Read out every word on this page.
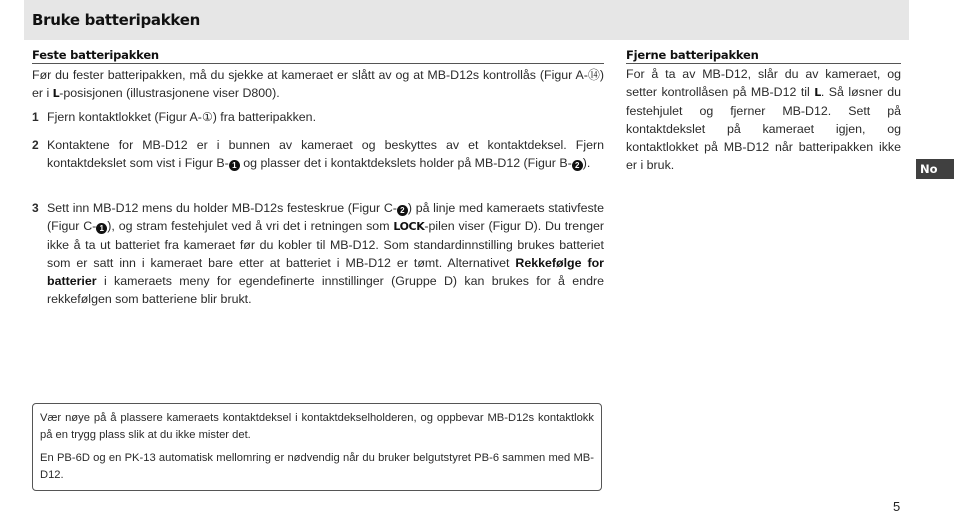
Bruke batteripakken
Feste batteripakken

Før du fester batteripakken, må du sjekke at kameraet er slått av og at MB-D12s kontrollås (Figur A-⑭) er i L-posisjonen (illustrasjonene viser D800).

1 Fjern kontaktlokket (Figur A-①) fra batteripakken.

2 Kontaktene for MB-D12 er i bunnen av kameraet og beskyttes av et kontaktdeksel. Fjern kontaktdekslet som vist i Figur B- 1 og plasser det i kontaktdekslets holder på MB-D12 (Figur B- 2 ).

3 Sett inn MB-D12 mens du holder MB-D12s festeskrue (Figur C- 2 ) på linje med kameraets stativfeste (Figur C- 1 ), og stram festehjulet ved å vri det i retningen som LOCK-pilen viser (Figur D). Du trenger ikke å ta ut batteriet fra kameraet før du kobler til MB-D12. Som standardinnstilling brukes batteriet som er satt inn i kameraet bare etter at batteriet i MB-D12 er tømt. Alternativet Rekkefølge for batterier i kameraets meny for egendefinerte innstillinger (Gruppe D) kan brukes for å endre rekkefølgen som batteriene blir brukt.

Fjerne batteripakken

For å ta av MB-D12, slår du av kameraet, og setter kontrollåsen på MB-D12 til L. Så løsner du festehjulet og fjerner MB-D12. Sett på kontaktdekslet på kameraet igjen, og kontaktlokket på MB-D12 når batteripakken ikke er i bruk.

Vær nøye på å plassere kameraets kontaktdeksel i kontaktdekselholderen, og oppbevar MB-D12s kontaktlokk på en trygg plass slik at du ikke mister det.

En PB-6D og en PK-13 automatisk mellomring er nødvendig når du bruker belgutstyret PB-6 sammen med MB-D12.

No
5
